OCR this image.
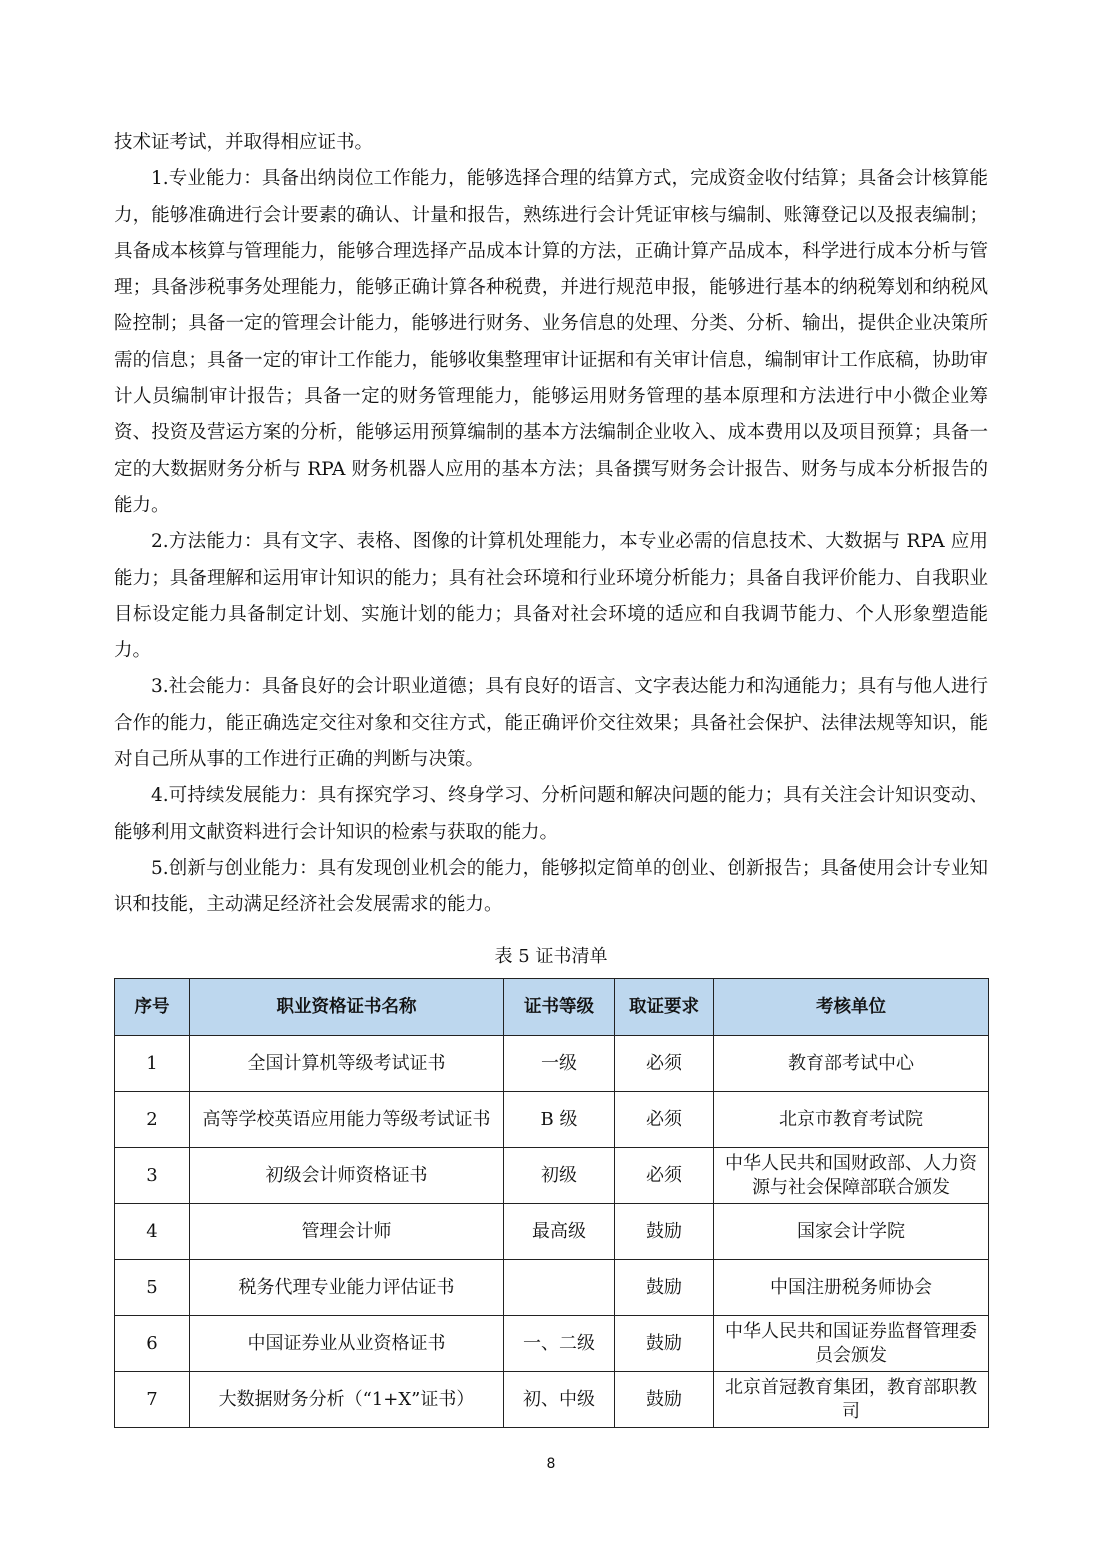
技术证考试，并取得相应证书。

1.专业能力：具备出纳岗位工作能力，能够选择合理的结算方式，完成资金收付结算；具备会计核算能力，能够准确进行会计要素的确认、计量和报告，熟练进行会计凭证审核与编制、账簿登记以及报表编制；具备成本核算与管理能力，能够合理选择产品成本计算的方法，正确计算产品成本，科学进行成本分析与管理；具备涉税事务处理能力，能够正确计算各种税费，并进行规范申报，能够进行基本的纳税筹划和纳税风险控制；具备一定的管理会计能力，能够进行财务、业务信息的处理、分类、分析、输出，提供企业决策所需的信息；具备一定的审计工作能力，能够收集整理审计证据和有关审计信息，编制审计工作底稿，协助审计人员编制审计报告；具备一定的财务管理能力，能够运用财务管理的基本原理和方法进行中小微企业筹资、投资及营运方案的分析，能够运用预算编制的基本方法编制企业收入、成本费用以及项目预算；具备一定的大数据财务分析与 RPA 财务机器人应用的基本方法；具备撰写财务会计报告、财务与成本分析报告的能力。

2.方法能力：具有文字、表格、图像的计算机处理能力，本专业必需的信息技术、大数据与 RPA 应用能力；具备理解和运用审计知识的能力；具有社会环境和行业环境分析能力；具备自我评价能力、自我职业目标设定能力具备制定计划、实施计划的能力；具备对社会环境的适应和自我调节能力、个人形象塑造能力。

3.社会能力：具备良好的会计职业道德；具有良好的语言、文字表达能力和沟通能力；具有与他人进行合作的能力，能正确选定交往对象和交往方式，能正确评价交往效果；具备社会保护、法律法规等知识，能对自己所从事的工作进行正确的判断与决策。

4.可持续发展能力：具有探究学习、终身学习、分析问题和解决问题的能力；具有关注会计知识变动、能够利用文献资料进行会计知识的检索与获取的能力。

5.创新与创业能力：具有发现创业机会的能力，能够拟定简单的创业、创新报告；具备使用会计专业知识和技能，主动满足经济社会发展需求的能力。

表 5 证书清单
序号	职业资格证书名称	证书等级	取证要求	考核单位
1	全国计算机等级考试证书	一级	必须	教育部考试中心
2	高等学校英语应用能力等级考试证书	B 级	必须	北京市教育考试院
3	初级会计师资格证书	初级	必须	中华人民共和国财政部、人力资源与社会保障部联合颁发
4	管理会计师	最高级	鼓励	国家会计学院
5	税务代理专业能力评估证书		鼓励	中国注册税务师协会
6	中国证券业从业资格证书	一、二级	鼓励	中华人民共和国证券监督管理委员会颁发
7	大数据财务分析（“1+X”证书）	初、中级	鼓励	北京首冠教育集团，教育部职教司
8
